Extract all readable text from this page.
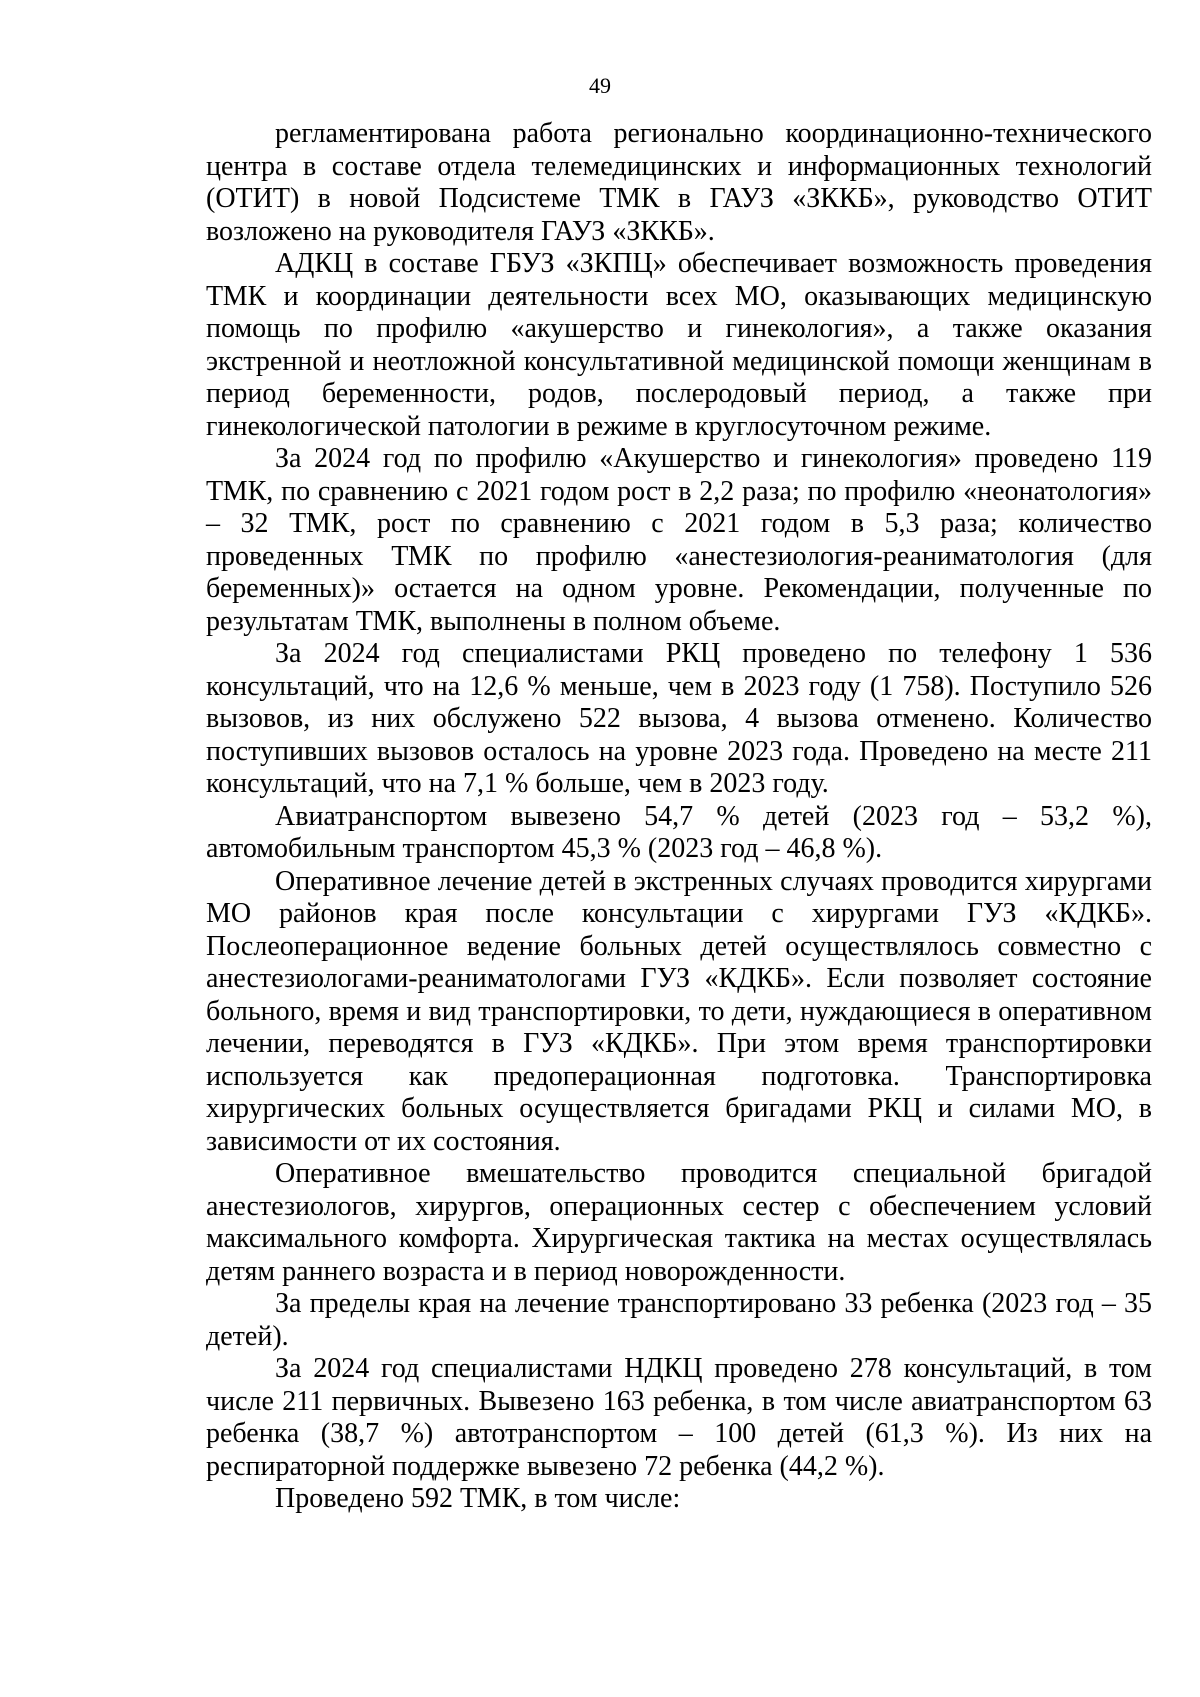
49

регламентирована работа регионально координационно-технического центра в составе отдела телемедицинских и информационных технологий (ОТИТ) в новой Подсистеме ТМК в ГАУЗ «ЗККБ», руководство ОТИТ возложено на руководителя ГАУЗ «ЗККБ».

АДКЦ в составе ГБУЗ «ЗКПЦ» обеспечивает возможность проведения ТМК и координации деятельности всех МО, оказывающих медицинскую помощь по профилю «акушерство и гинекология», а также оказания экстренной и неотложной консультативной медицинской помощи женщинам в период беременности, родов, послеродовый период, а также при гинекологической патологии в режиме в круглосуточном режиме.

За 2024 год по профилю «Акушерство и гинекология» проведено 119 ТМК, по сравнению с 2021 годом рост в 2,2 раза; по профилю «неонатология» – 32 ТМК, рост по сравнению с 2021 годом в 5,3 раза; количество проведенных ТМК по профилю «анестезиология-реаниматология (для беременных)» остается на одном уровне. Рекомендации, полученные по результатам ТМК, выполнены в полном объеме.

За 2024 год специалистами РКЦ проведено по телефону 1 536 консультаций, что на 12,6 % меньше, чем в 2023 году (1 758). Поступило 526 вызовов, из них обслужено 522 вызова, 4 вызова отменено. Количество поступивших вызовов осталось на уровне 2023 года. Проведено на месте 211 консультаций, что на 7,1 % больше, чем в 2023 году.

Авиатранспортом вывезено 54,7 % детей (2023 год – 53,2 %), автомобильным транспортом 45,3 % (2023 год – 46,8 %).

Оперативное лечение детей в экстренных случаях проводится хирургами МО районов края после консультации с хирургами ГУЗ «КДКБ». Послеоперационное ведение больных детей осуществлялось совместно с анестезиологами-реаниматологами ГУЗ «КДКБ». Если позволяет состояние больного, время и вид транспортировки, то дети, нуждающиеся в оперативном лечении, переводятся в ГУЗ «КДКБ». При этом время транспортировки используется как предоперационная подготовка. Транспортировка хирургических больных осуществляется бригадами РКЦ и силами МО, в зависимости от их состояния.

Оперативное вмешательство проводится специальной бригадой анестезиологов, хирургов, операционных сестер с обеспечением условий максимального комфорта. Хирургическая тактика на местах осуществлялась детям раннего возраста и в период новорожденности.

За пределы края на лечение транспортировано 33 ребенка (2023 год – 35 детей).

За 2024 год специалистами НДКЦ проведено 278 консультаций, в том числе 211 первичных. Вывезено 163 ребенка, в том числе авиатранспортом 63 ребенка (38,7 %) автотранспортом – 100 детей (61,3 %). Из них на респираторной поддержке вывезено 72 ребенка (44,2 %).

Проведено 592 ТМК, в том числе:
